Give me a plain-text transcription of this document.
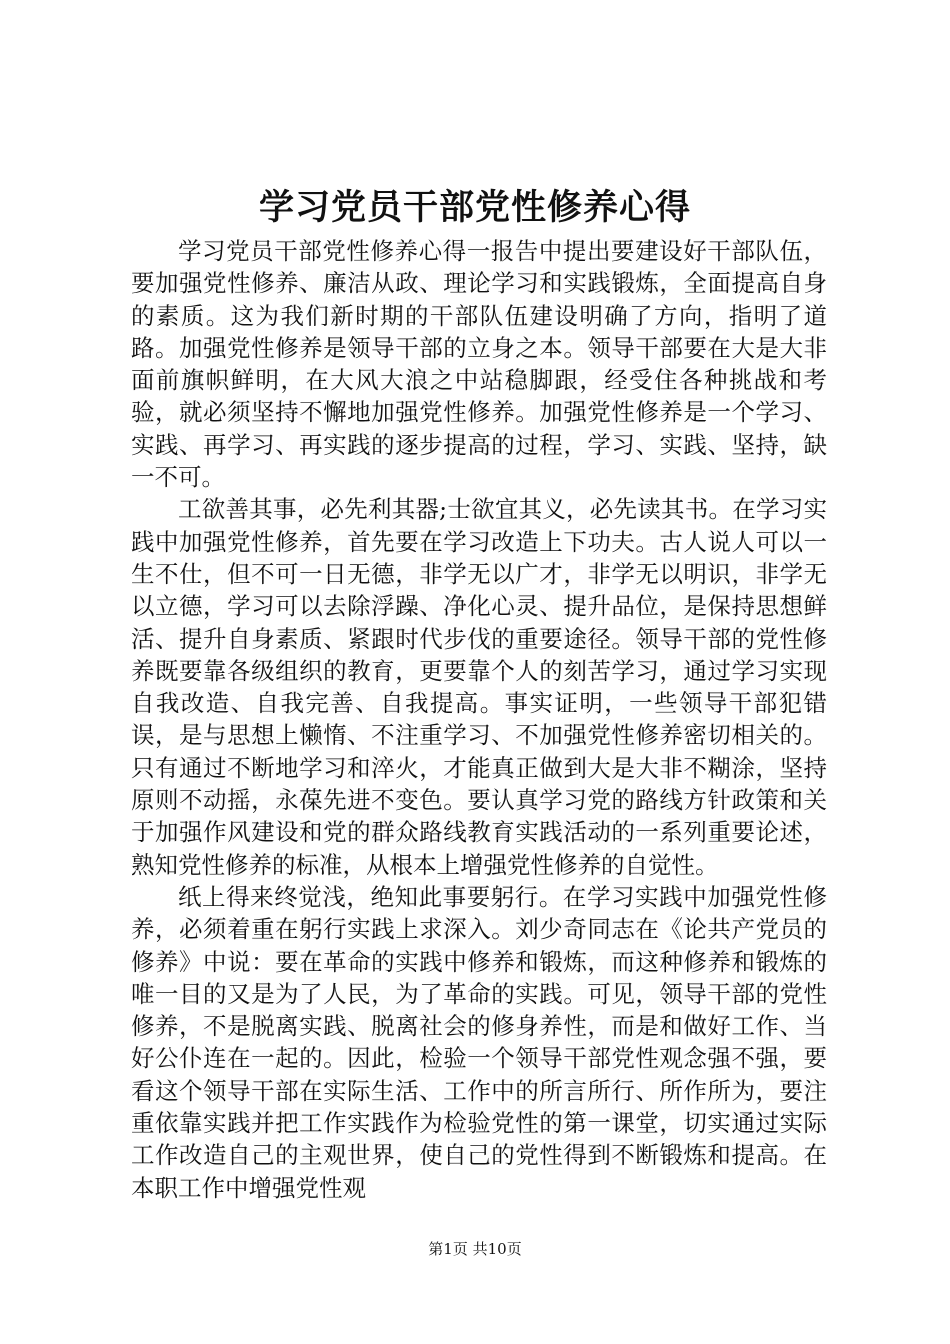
学习党员干部党性修养心得

学习党员干部党性修养心得一报告中提出要建设好干部队伍，要加强党性修养、廉洁从政、理论学习和实践锻炼，全面提高自身的素质。这为我们新时期的干部队伍建设明确了方向，指明了道路。加强党性修养是领导干部的立身之本。领导干部要在大是大非面前旗帜鲜明，在大风大浪之中站稳脚跟，经受住各种挑战和考验，就必须坚持不懈地加强党性修养。加强党性修养是一个学习、实践、再学习、再实践的逐步提高的过程，学习、实践、坚持，缺一不可。

工欲善其事，必先利其器;士欲宜其义，必先读其书。在学习实践中加强党性修养，首先要在学习改造上下功夫。古人说人可以一生不仕，但不可一日无德，非学无以广才，非学无以明识，非学无以立德，学习可以去除浮躁、净化心灵、提升品位，是保持思想鲜活、提升自身素质、紧跟时代步伐的重要途径。领导干部的党性修养既要靠各级组织的教育，更要靠个人的刻苦学习，通过学习实现自我改造、自我完善、自我提高。事实证明，一些领导干部犯错误，是与思想上懒惰、不注重学习、不加强党性修养密切相关的。只有通过不断地学习和淬火，才能真正做到大是大非不糊涂，坚持原则不动摇，永葆先进不变色。要认真学习党的路线方针政策和关于加强作风建设和党的群众路线教育实践活动的一系列重要论述，熟知党性修养的标准，从根本上增强党性修养的自觉性。

纸上得来终觉浅，绝知此事要躬行。在学习实践中加强党性修养，必须着重在躬行实践上求深入。刘少奇同志在《论共产党员的修养》中说：要在革命的实践中修养和锻炼，而这种修养和锻炼的唯一目的又是为了人民，为了革命的实践。可见，领导干部的党性修养，不是脱离实践、脱离社会的修身养性，而是和做好工作、当好公仆连在一起的。因此，检验一个领导干部党性观念强不强，要看这个领导干部在实际生活、工作中的所言所行、所作所为，要注重依靠实践并把工作实践作为检验党性的第一课堂，切实通过实际工作改造自己的主观世界，使自己的党性得到不断锻炼和提高。在本职工作中增强党性观

第1页 共10页
